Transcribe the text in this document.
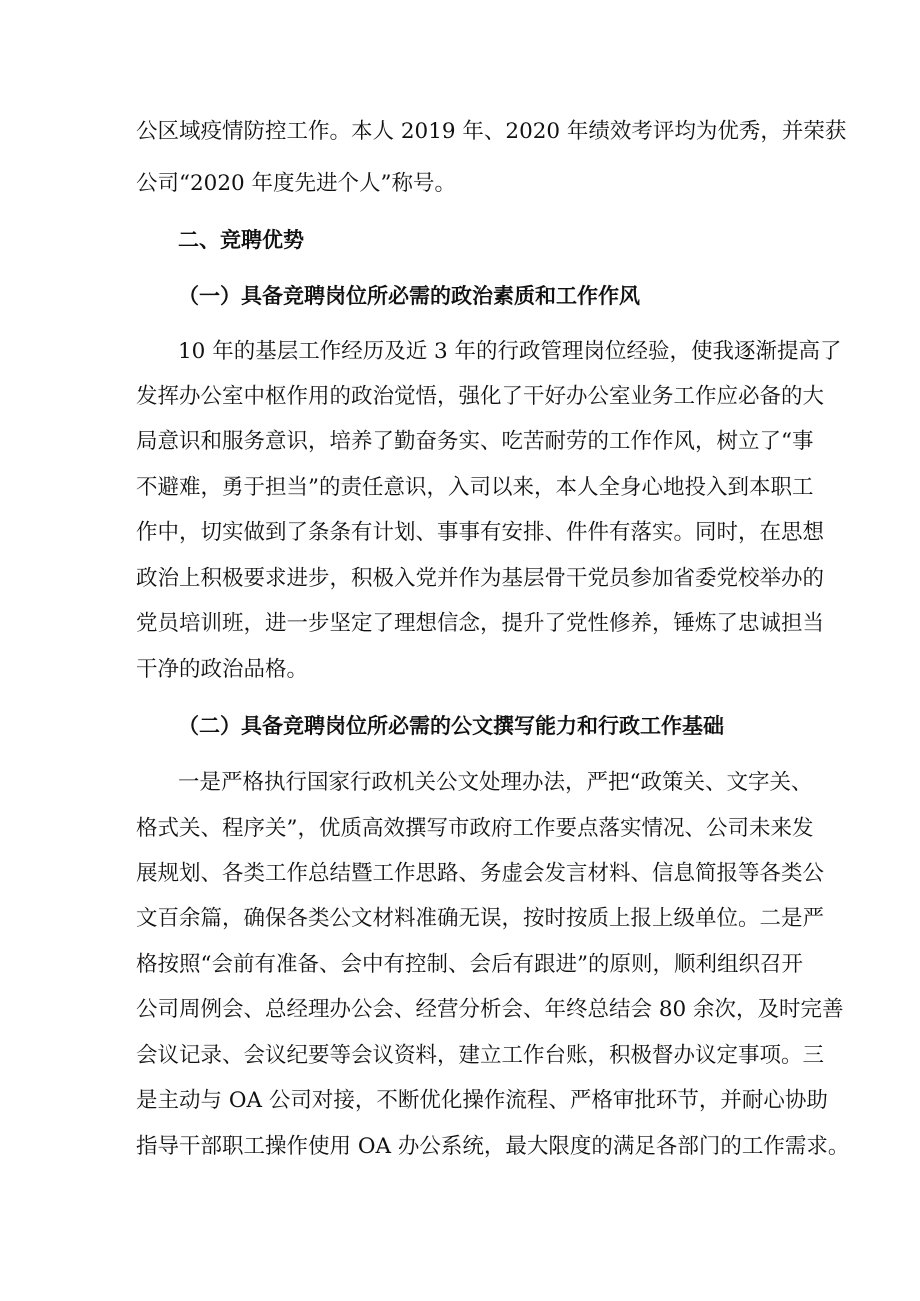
公区域疫情防控工作。本人 2019 年、2020 年绩效考评均为优秀，并荣获
公司“2020 年度先进个人”称号。
二、竞聘优势
（一）具备竞聘岗位所必需的政治素质和工作作风
10 年的基层工作经历及近 3 年的行政管理岗位经验，使我逐渐提高了
发挥办公室中枢作用的政治觉悟，强化了干好办公室业务工作应必备的大
局意识和服务意识，培养了勤奋务实、吃苦耐劳的工作作风，树立了“事
不避难，勇于担当”的责任意识，入司以来，本人全身心地投入到本职工
作中，切实做到了条条有计划、事事有安排、件件有落实。同时，在思想
政治上积极要求进步，积极入党并作为基层骨干党员参加省委党校举办的
党员培训班，进一步坚定了理想信念，提升了党性修养，锤炼了忠诚担当
干净的政治品格。
（二）具备竞聘岗位所必需的公文撰写能力和行政工作基础
一是严格执行国家行政机关公文处理办法，严把“政策关、文字关、
格式关、程序关”，优质高效撰写市政府工作要点落实情况、公司未来发
展规划、各类工作总结暨工作思路、务虚会发言材料、信息简报等各类公
文百余篇，确保各类公文材料准确无误，按时按质上报上级单位。二是严
格按照“会前有准备、会中有控制、会后有跟进”的原则，顺利组织召开
公司周例会、总经理办公会、经营分析会、年终总结会 80 余次，及时完善
会议记录、会议纪要等会议资料，建立工作台账，积极督办议定事项。三
是主动与 OA 公司对接，不断优化操作流程、严格审批环节，并耐心协助
指导干部职工操作使用 OA 办公系统，最大限度的满足各部门的工作需求。
